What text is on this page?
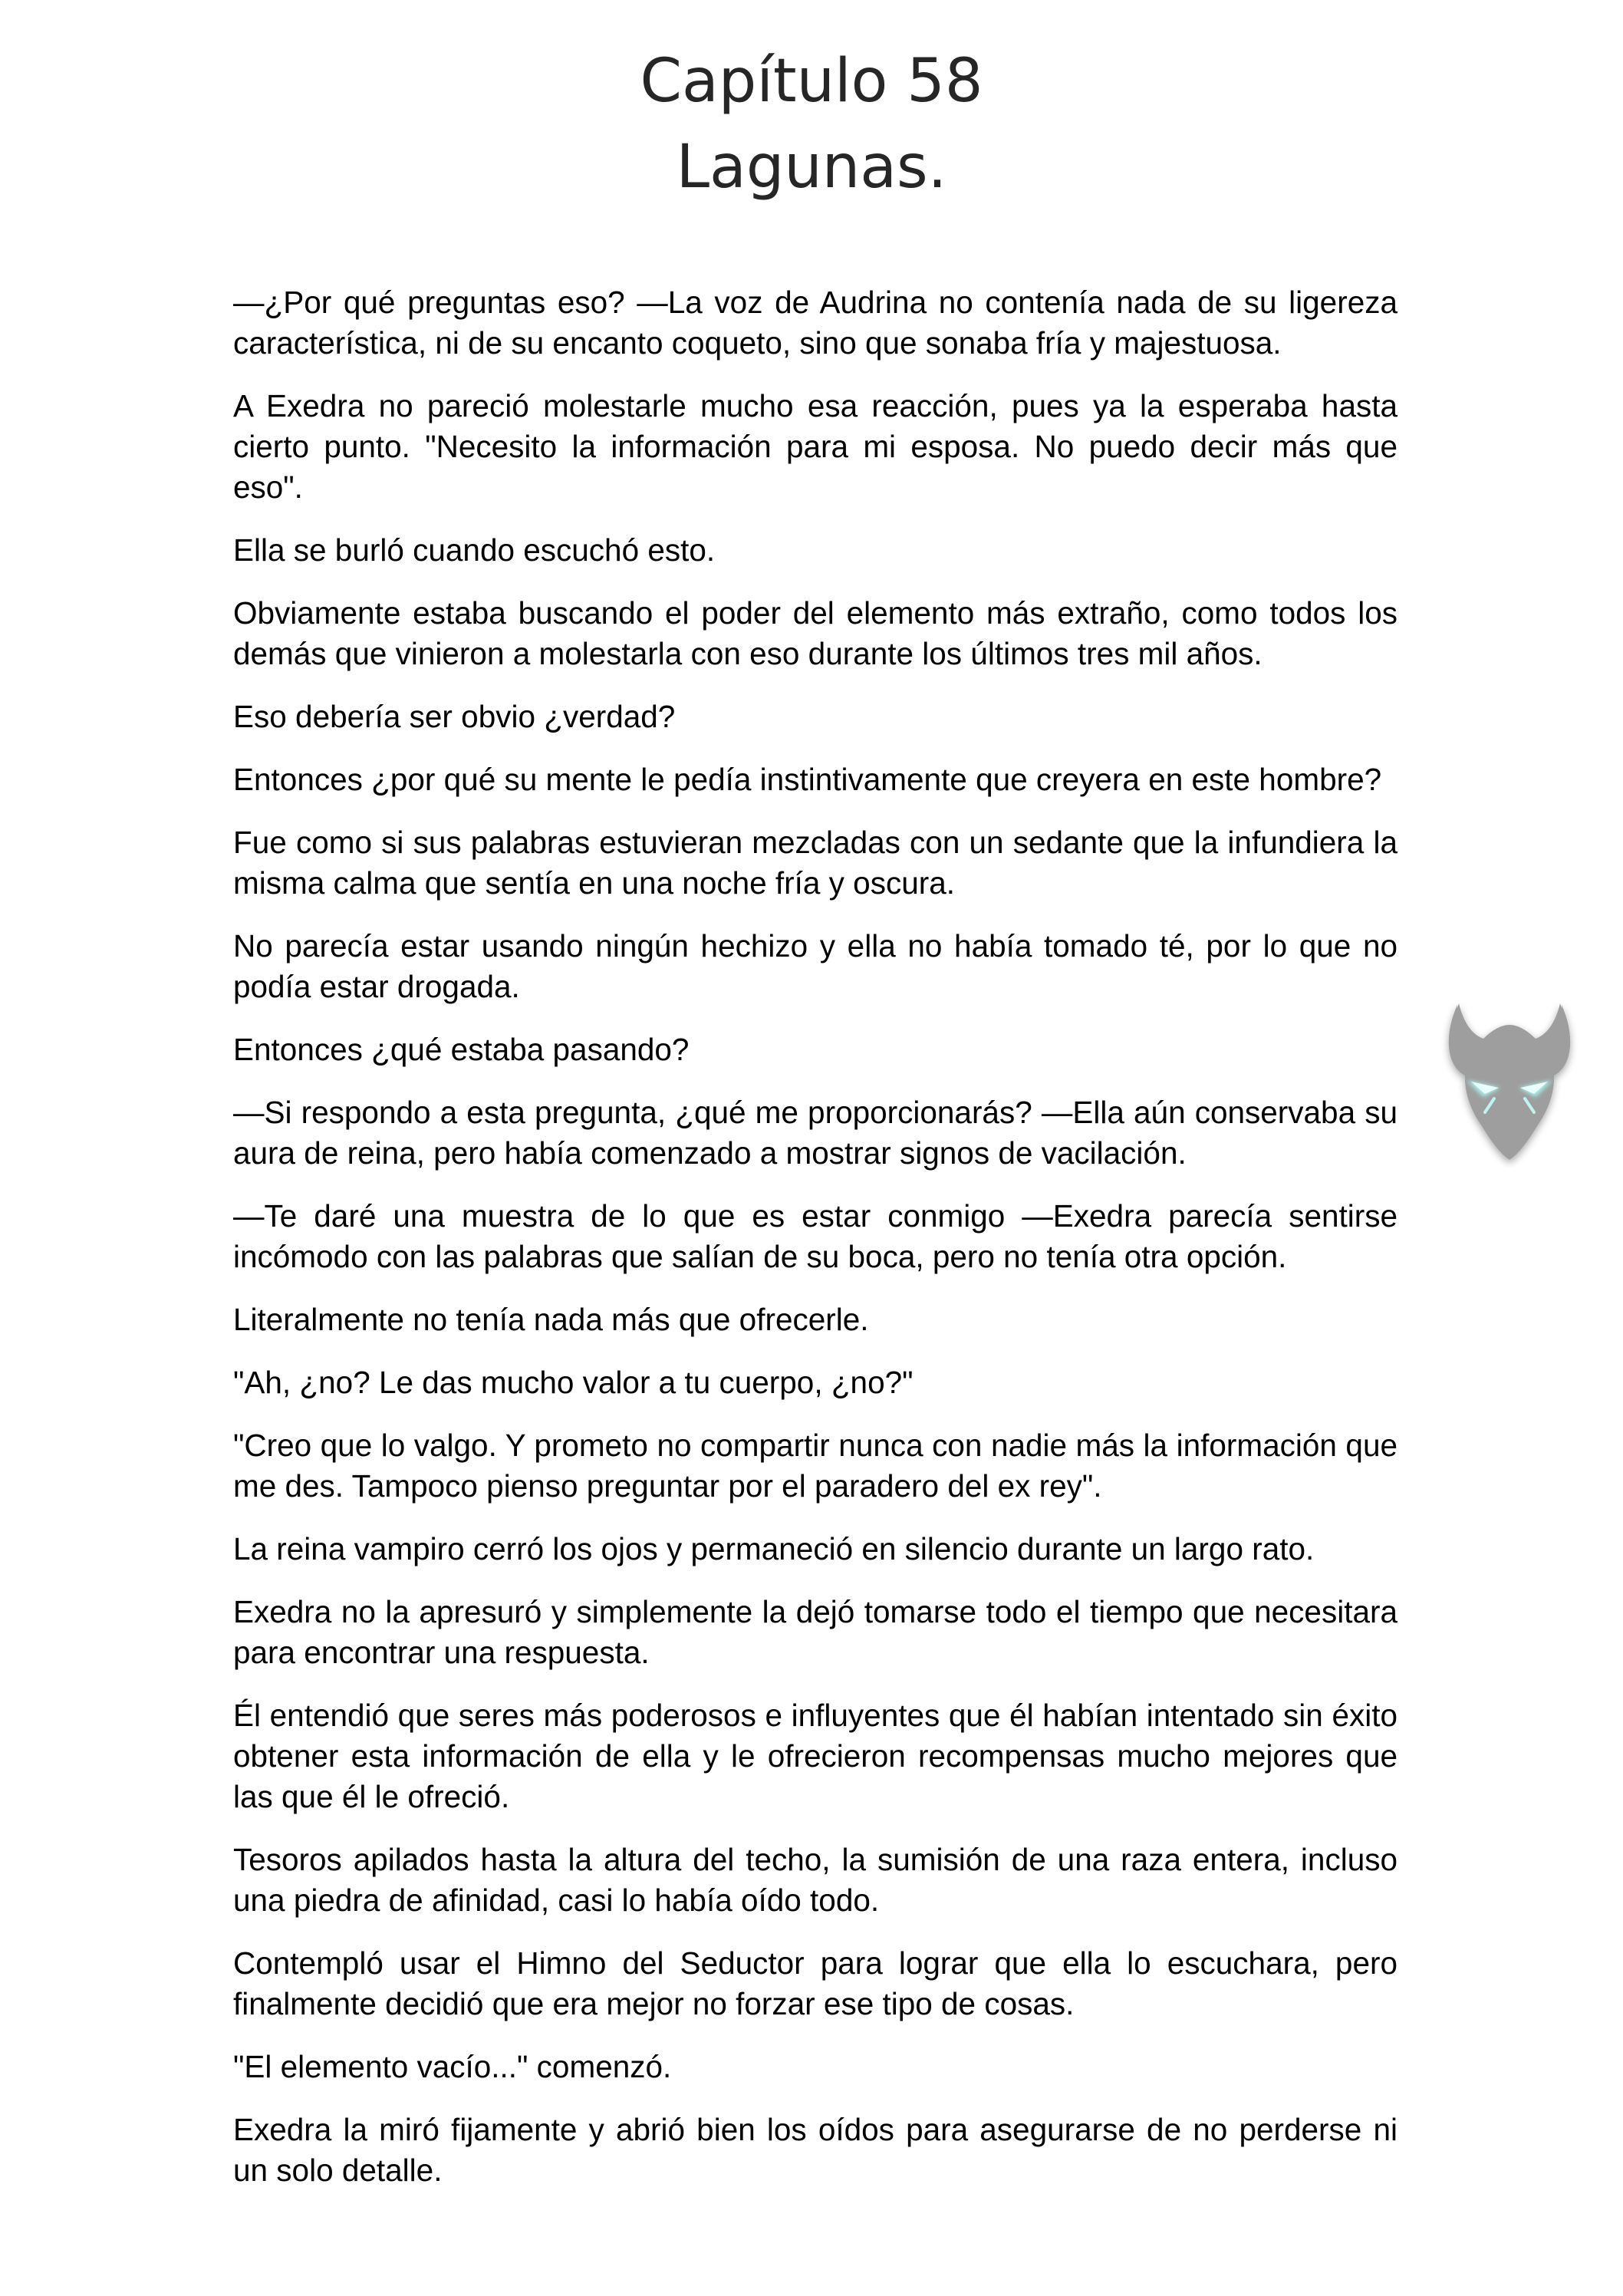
Capítulo 58
Lagunas.

—¿Por qué preguntas eso? —La voz de Audrina no contenía nada de su ligereza característica, ni de su encanto coqueto, sino que sonaba fría y majestuosa.

A Exedra no pareció molestarle mucho esa reacción, pues ya la esperaba hasta cierto punto. "Necesito la información para mi esposa. No puedo decir más que eso".

Ella se burló cuando escuchó esto.

Obviamente estaba buscando el poder del elemento más extraño, como todos los demás que vinieron a molestarla con eso durante los últimos tres mil años.

Eso debería ser obvio ¿verdad?

Entonces ¿por qué su mente le pedía instintivamente que creyera en este hombre?

Fue como si sus palabras estuvieran mezcladas con un sedante que la infundiera la misma calma que sentía en una noche fría y oscura.

No parecía estar usando ningún hechizo y ella no había tomado té, por lo que no podía estar drogada.

Entonces ¿qué estaba pasando?

—Si respondo a esta pregunta, ¿qué me proporcionarás? —Ella aún conservaba su aura de reina, pero había comenzado a mostrar signos de vacilación.

—Te daré una muestra de lo que es estar conmigo —Exedra parecía sentirse incómodo con las palabras que salían de su boca, pero no tenía otra opción.

Literalmente no tenía nada más que ofrecerle.

"Ah, ¿no? Le das mucho valor a tu cuerpo, ¿no?"

"Creo que lo valgo. Y prometo no compartir nunca con nadie más la información que me des. Tampoco pienso preguntar por el paradero del ex rey".

La reina vampiro cerró los ojos y permaneció en silencio durante un largo rato.

Exedra no la apresuró y simplemente la dejó tomarse todo el tiempo que necesitara para encontrar una respuesta.

Él entendió que seres más poderosos e influyentes que él habían intentado sin éxito obtener esta información de ella y le ofrecieron recompensas mucho mejores que las que él le ofreció.

Tesoros apilados hasta la altura del techo, la sumisión de una raza entera, incluso una piedra de afinidad, casi lo había oído todo.

Contempló usar el Himno del Seductor para lograr que ella lo escuchara, pero finalmente decidió que era mejor no forzar ese tipo de cosas.

"El elemento vacío..." comenzó.

Exedra la miró fijamente y abrió bien los oídos para asegurarse de no perderse ni un solo detalle.
